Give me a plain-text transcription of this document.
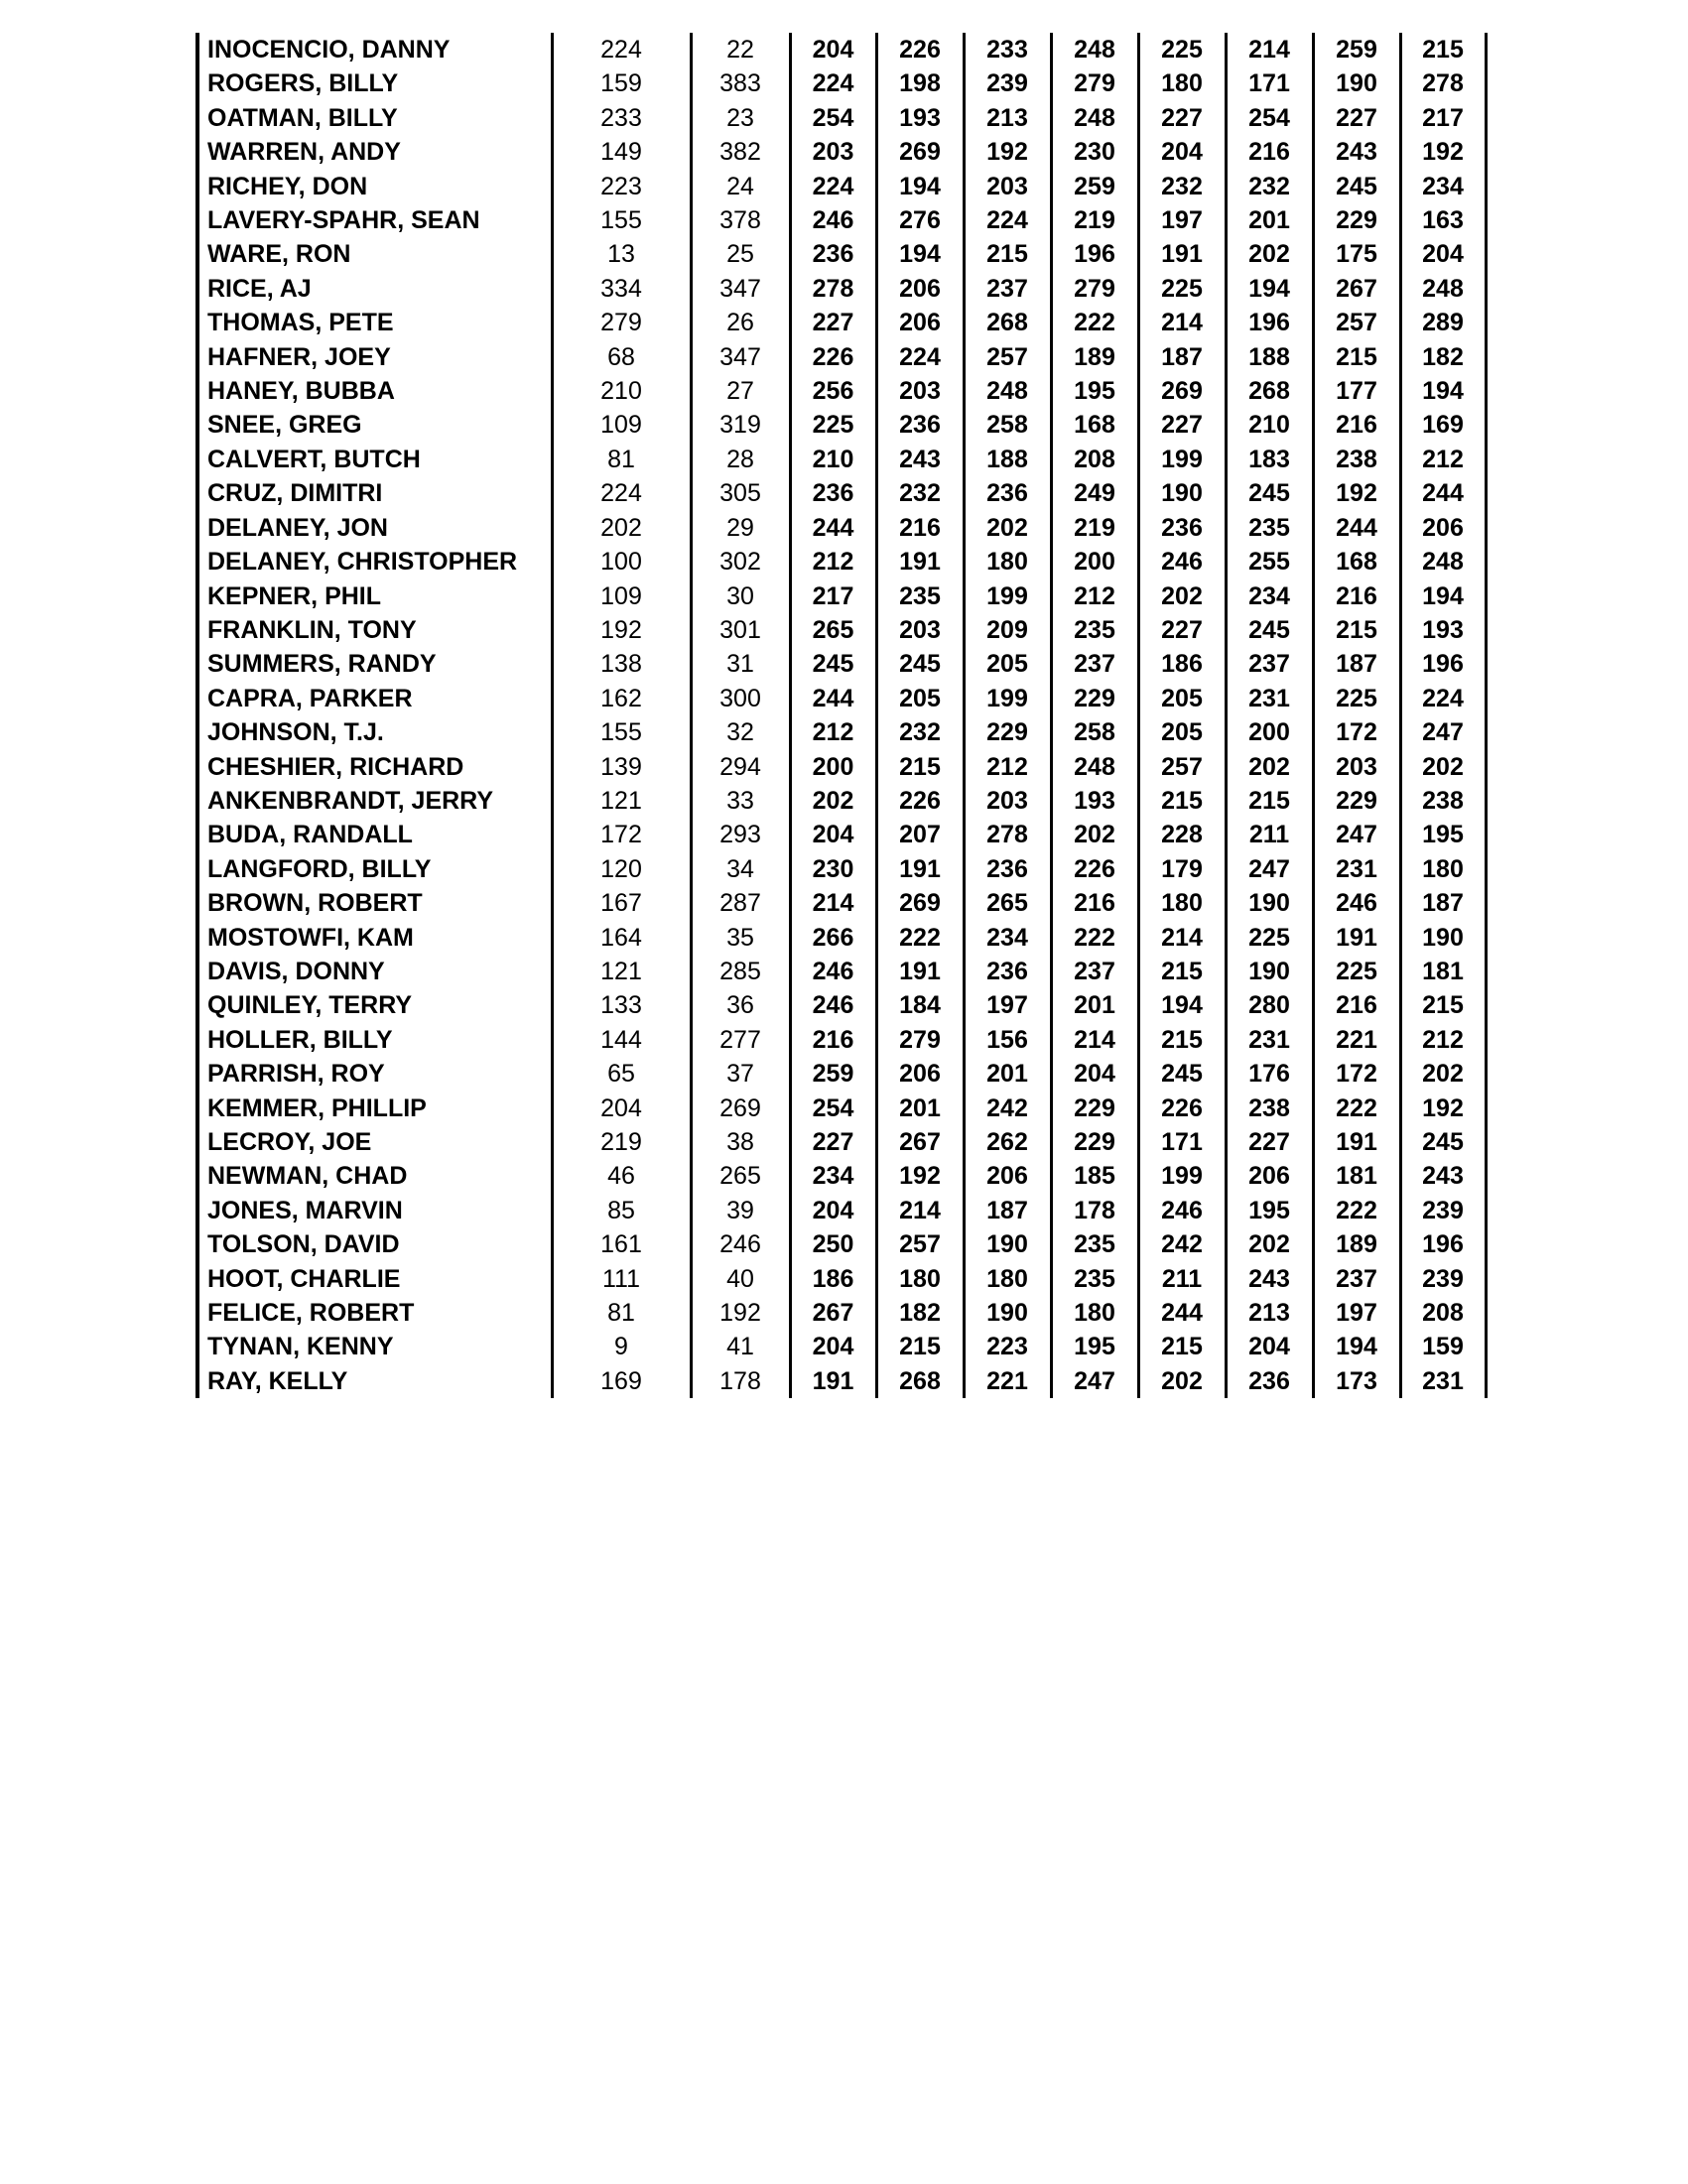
INOCENCIO, DANNY	224	22	204	226	233	248	225	214	259	215
ROGERS, BILLY	159	383	224	198	239	279	180	171	190	278
OATMAN, BILLY	233	23	254	193	213	248	227	254	227	217
WARREN, ANDY	149	382	203	269	192	230	204	216	243	192
RICHEY, DON	223	24	224	194	203	259	232	232	245	234
LAVERY-SPAHR, SEAN	155	378	246	276	224	219	197	201	229	163
WARE, RON	13	25	236	194	215	196	191	202	175	204
RICE, AJ	334	347	278	206	237	279	225	194	267	248
THOMAS, PETE	279	26	227	206	268	222	214	196	257	289
HAFNER, JOEY	68	347	226	224	257	189	187	188	215	182
HANEY, BUBBA	210	27	256	203	248	195	269	268	177	194
SNEE, GREG	109	319	225	236	258	168	227	210	216	169
CALVERT, BUTCH	81	28	210	243	188	208	199	183	238	212
CRUZ, DIMITRI	224	305	236	232	236	249	190	245	192	244
DELANEY, JON	202	29	244	216	202	219	236	235	244	206
DELANEY, CHRISTOPHER	100	302	212	191	180	200	246	255	168	248
KEPNER, PHIL	109	30	217	235	199	212	202	234	216	194
FRANKLIN, TONY	192	301	265	203	209	235	227	245	215	193
SUMMERS, RANDY	138	31	245	245	205	237	186	237	187	196
CAPRA, PARKER	162	300	244	205	199	229	205	231	225	224
JOHNSON, T.J.	155	32	212	232	229	258	205	200	172	247
CHESHIER, RICHARD	139	294	200	215	212	248	257	202	203	202
ANKENBRANDT, JERRY	121	33	202	226	203	193	215	215	229	238
BUDA, RANDALL	172	293	204	207	278	202	228	211	247	195
LANGFORD, BILLY	120	34	230	191	236	226	179	247	231	180
BROWN, ROBERT	167	287	214	269	265	216	180	190	246	187
MOSTOWFI, KAM	164	35	266	222	234	222	214	225	191	190
DAVIS, DONNY	121	285	246	191	236	237	215	190	225	181
QUINLEY, TERRY	133	36	246	184	197	201	194	280	216	215
HOLLER, BILLY	144	277	216	279	156	214	215	231	221	212
PARRISH, ROY	65	37	259	206	201	204	245	176	172	202
KEMMER, PHILLIP	204	269	254	201	242	229	226	238	222	192
LECROY, JOE	219	38	227	267	262	229	171	227	191	245
NEWMAN, CHAD	46	265	234	192	206	185	199	206	181	243
JONES, MARVIN	85	39	204	214	187	178	246	195	222	239
TOLSON, DAVID	161	246	250	257	190	235	242	202	189	196
HOOT, CHARLIE	111	40	186	180	180	235	211	243	237	239
FELICE, ROBERT	81	192	267	182	190	180	244	213	197	208
TYNAN, KENNY	9	41	204	215	223	195	215	204	194	159
RAY, KELLY	169	178	191	268	221	247	202	236	173	231
